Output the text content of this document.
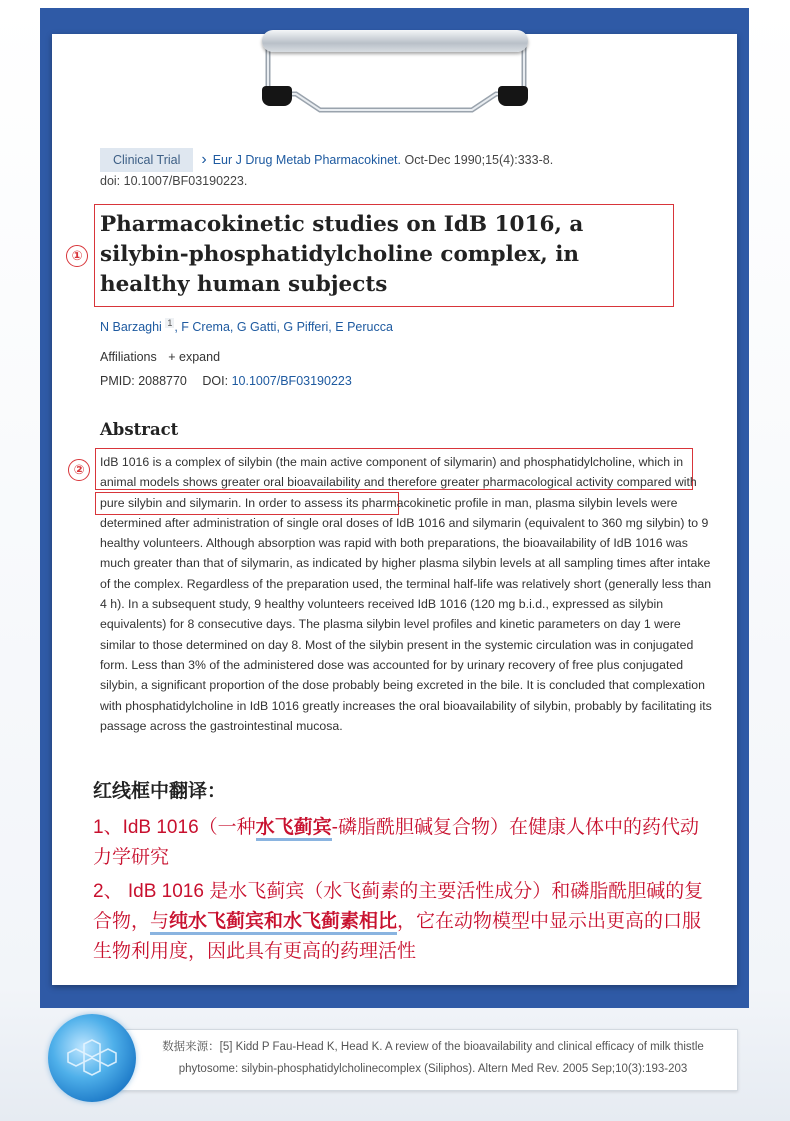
Clinical Trial›	Eur J Drug Metab Pharmacokinet. Oct-Dec 1990;15(4):333-8.
doi: 10.1007/BF03190223.
①
Pharmacokinetic studies on IdB 1016, a silybin-phosphatidylcholine complex, in healthy human subjects
N Barzaghi $^1$ , F Crema, G Gatti, G Pifferi, E Perucca
Affiliations + expand
PMID: 2088770 DOI: 10.1007/BF03190223
Abstract
②	IdB 1016 is a complex of silybin (the main active component of silymarin) and phosphatidylcholine, which in animal models shows greater oral bioavailability and therefore greater pharmacological activity compared with pure silybin and silymarin. In order to assess its pharmacokinetic profile in man, plasma silybin levels were determined after administration of single oral doses of IdB 1016 and silymarin (equivalent to 360 mg silybin) to 9 healthy volunteers. Although absorption was rapid with both preparations, the bioavailability of IdB 1016 was much greater than that of silymarin, as indicated by higher plasma silybin levels at all sampling times after intake of the complex. Regardless of the preparation used, the terminal half-life was relatively short (generally less than 4 h). In a subsequent study, 9 healthy volunteers received IdB 1016 (120 mg b.i.d., expressed as silybin equivalents) for 8 consecutive days. The plasma silybin level profiles and kinetic parameters on day 1 were similar to those determined on day 8. Most of the silybin present in the systemic circulation was in conjugated form. Less than 3% of the administered dose was accounted for by urinary recovery of free plus conjugated silybin, a significant proportion of the dose probably being excreted in the bile. It is concluded that complexation with phosphatidylcholine in IdB 1016 greatly increases the oral bioavailability of silybin, probably by facilitating its passage across the gastrointestinal mucosa.
红线框中翻译：
1、IdB 1016（一种水飞蓟宾-磷脂酰胆碱复合物）在健康人体中的药代动力学研究
2、 IdB 1016 是水飞蓟宾（水飞蓟素的主要活性成分）和磷脂酰胆碱的复合物，与纯水飞蓟宾和水飞蓟素相比，它在动物模型中显示出更高的口服生物利用度，因此具有更高的药理活性
数据来源：[5] Kidd P Fau-Head K, Head K. A review of the bioavailability and clinical efficacy of milk thistle
phytosome: silybin-phosphatidylcholinecomplex (Siliphos). Altern Med Rev. 2005 Sep;10(3):193-203
